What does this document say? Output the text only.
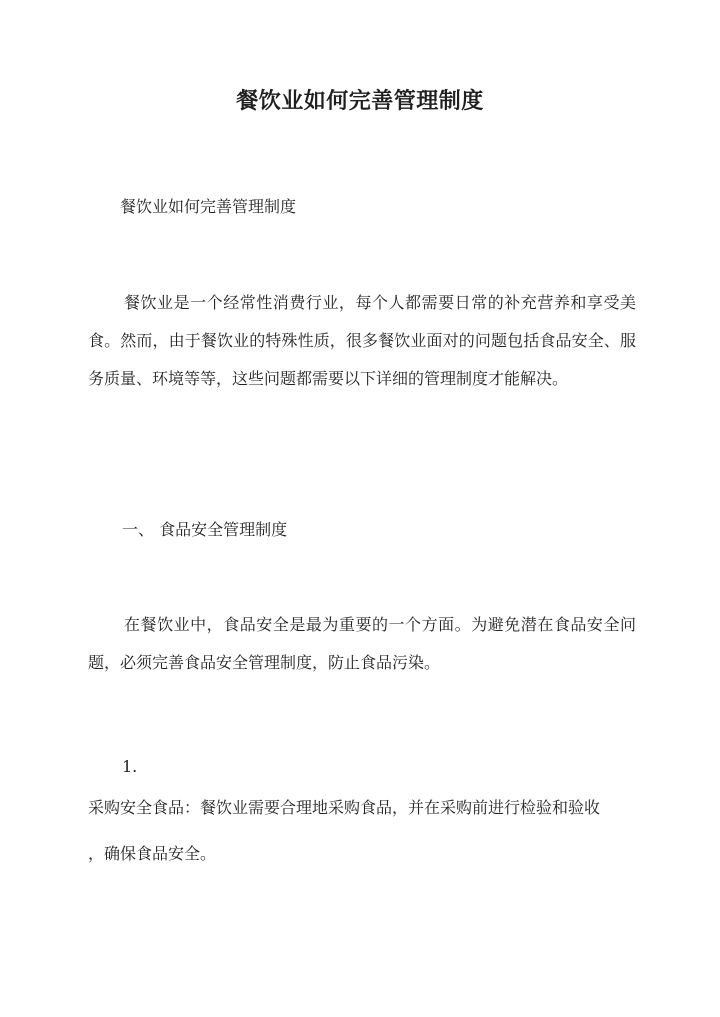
餐饮业如何完善管理制度
餐饮业如何完善管理制度
餐饮业是一个经常性消费行业，每个人都需要日常的补充营养和享受美食。然而，由于餐饮业的特殊性质，很多餐饮业面对的问题包括食品安全、服务质量、环境等等，这些问题都需要以下详细的管理制度才能解决。
一、 食品安全管理制度
在餐饮业中，食品安全是最为重要的一个方面。为避免潜在食品安全问题，必须完善食品安全管理制度，防止食品污染。
1.
采购安全食品：餐饮业需要合理地采购食品，并在采购前进行检验和验收
，确保食品安全。
